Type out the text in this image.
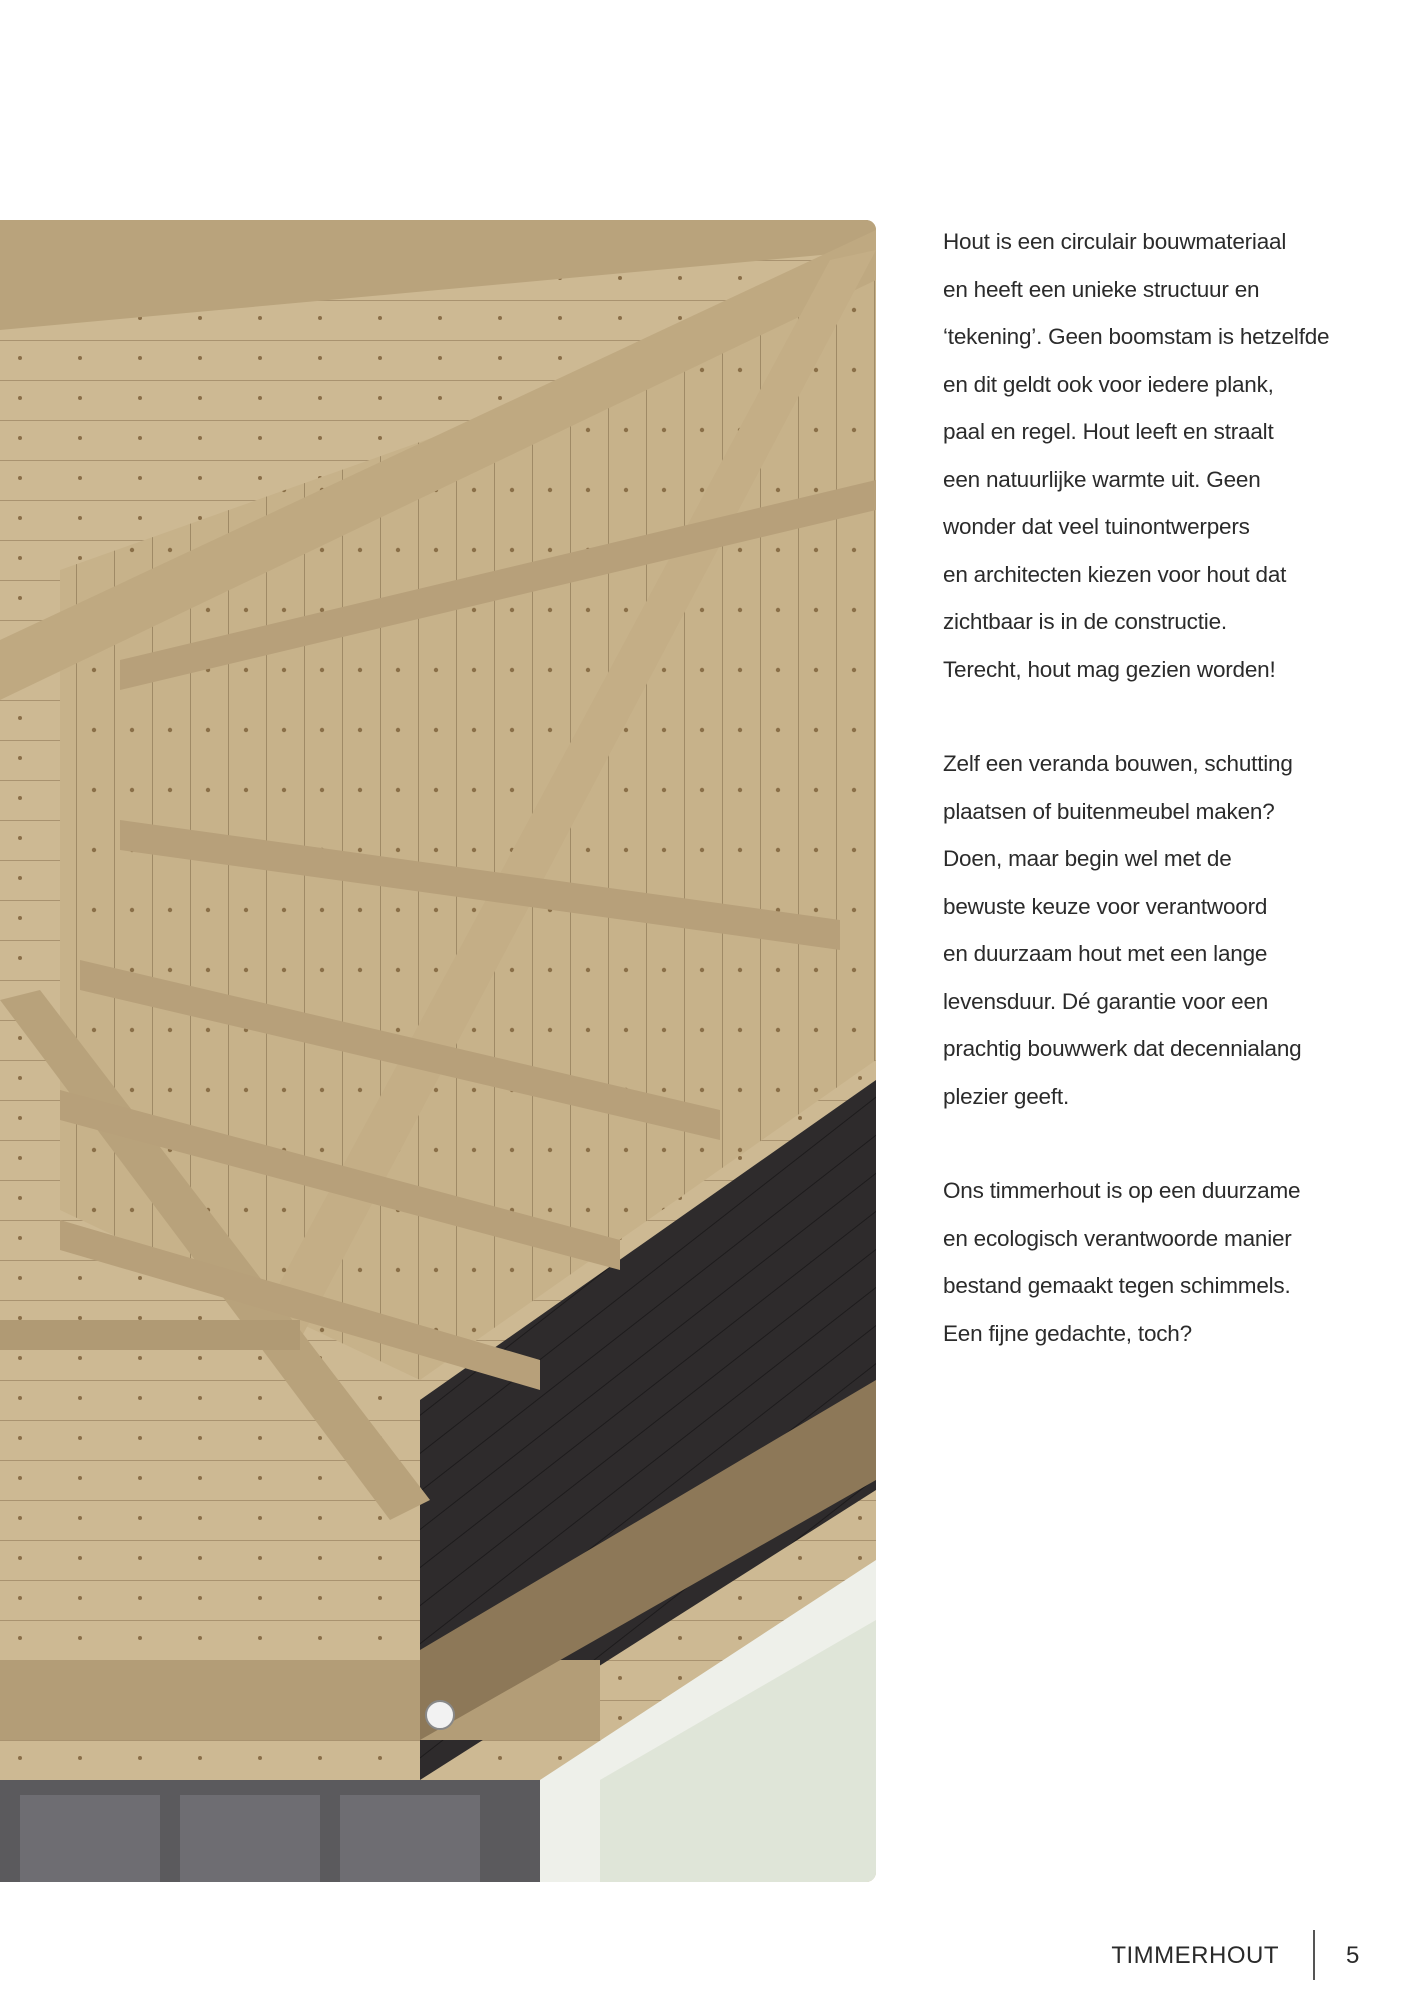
Hout is een circulair bouwmateriaal
en heeft een unieke structuur en
‘tekening’. Geen boomstam is hetzelfde
en dit geldt ook voor iedere plank,
paal en regel. Hout leeft en straalt
een natuurlijke warmte uit. Geen
wonder dat veel tuinontwerpers
en architecten kiezen voor hout dat
zichtbaar is in de constructie.
Terecht, hout mag gezien worden!

Zelf een veranda bouwen, schutting
plaatsen of buitenmeubel maken?
Doen, maar begin wel met de
bewuste keuze voor verantwoord
en duurzaam hout met een lange
levensduur. Dé garantie voor een
prachtig bouwwerk dat decennialang
plezier geeft.

Ons timmerhout is op een duurzame
en ecologisch verantwoorde manier
bestand gemaakt tegen schimmels.
Een fijne gedachte, toch?

TIMMERHOUT	5
